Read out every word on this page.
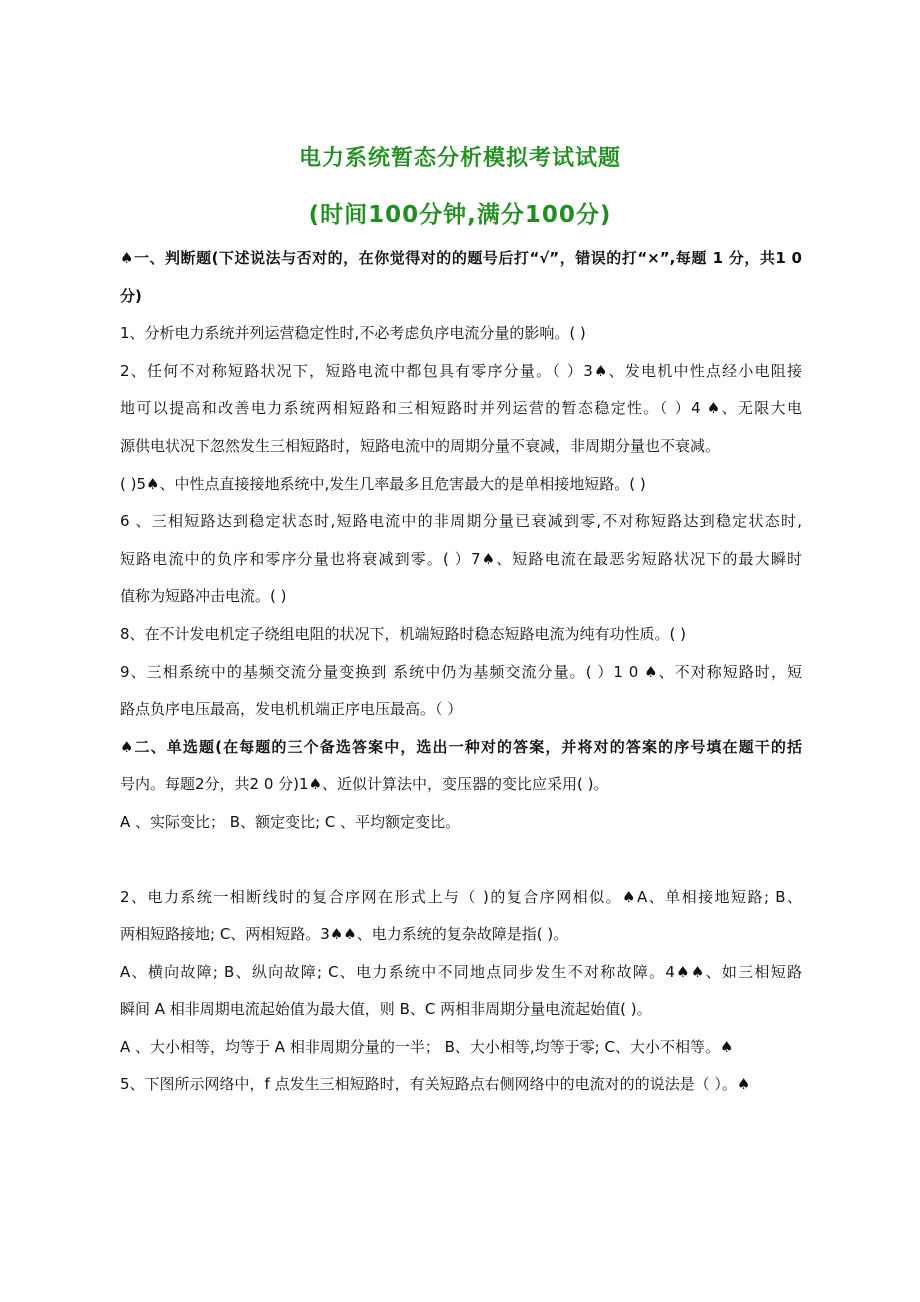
电力系统暂态分析模拟考试试题
(时间100分钟,满分100分)
♠一、判断题(下述说法与否对的，在你觉得对的的题号后打“√”，错误的打“×”,每题 1 分，共1 0
分)
1、分析电力系统并列运营稳定性时,不必考虑负序电流分量的影响。( )
2、任何不对称短路状况下，短路电流中都包具有零序分量。（ ）3♠、发电机中性点经小电阻接
地可以提高和改善电力系统两相短路和三相短路时并列运营的暂态稳定性。（ ）4 ♠、无限大电
源供电状况下忽然发生三相短路时，短路电流中的周期分量不衰减，非周期分量也不衰减。
( )5♠、中性点直接接地系统中,发生几率最多且危害最大的是单相接地短路。( )
6 、三相短路达到稳定状态时,短路电流中的非周期分量已衰减到零,不对称短路达到稳定状态时,
短路电流中的负序和零序分量也将衰减到零。( ）7♠、短路电流在最恶劣短路状况下的最大瞬时
值称为短路冲击电流。( )
8、在不计发电机定子绕组电阻的状况下，机端短路时稳态短路电流为纯有功性质。( )
9、三相系统中的基频交流分量变换到 系统中仍为基频交流分量。( ）1 0 ♠、不对称短路时，短
路点负序电压最高，发电机机端正序电压最高。（ ）
♠二、单选题(在每题的三个备选答案中，选出一种对的答案，并将对的答案的序号填在题干的括
号内。每题2分，共2 0 分)1♠、近似计算法中，变压器的变比应采用( )。
A 、实际变比； B、额定变比; C 、平均额定变比。
2、电力系统一相断线时的复合序网在形式上与（ )的复合序网相似。♠A、单相接地短路; B、
两相短路接地; C、两相短路。3♠♠、电力系统的复杂故障是指( )。
A、横向故障; B、纵向故障; C、电力系统中不同地点同步发生不对称故障。4♠♠、如三相短路
瞬间 A 相非周期电流起始值为最大值，则 B、C 两相非周期分量电流起始值( )。
A 、大小相等，均等于 A 相非周期分量的一半； B、大小相等,均等于零; C、大小不相等。♠
5、下图所示网络中，f 点发生三相短路时，有关短路点右侧网络中的电流对的的说法是（ ）。♠
